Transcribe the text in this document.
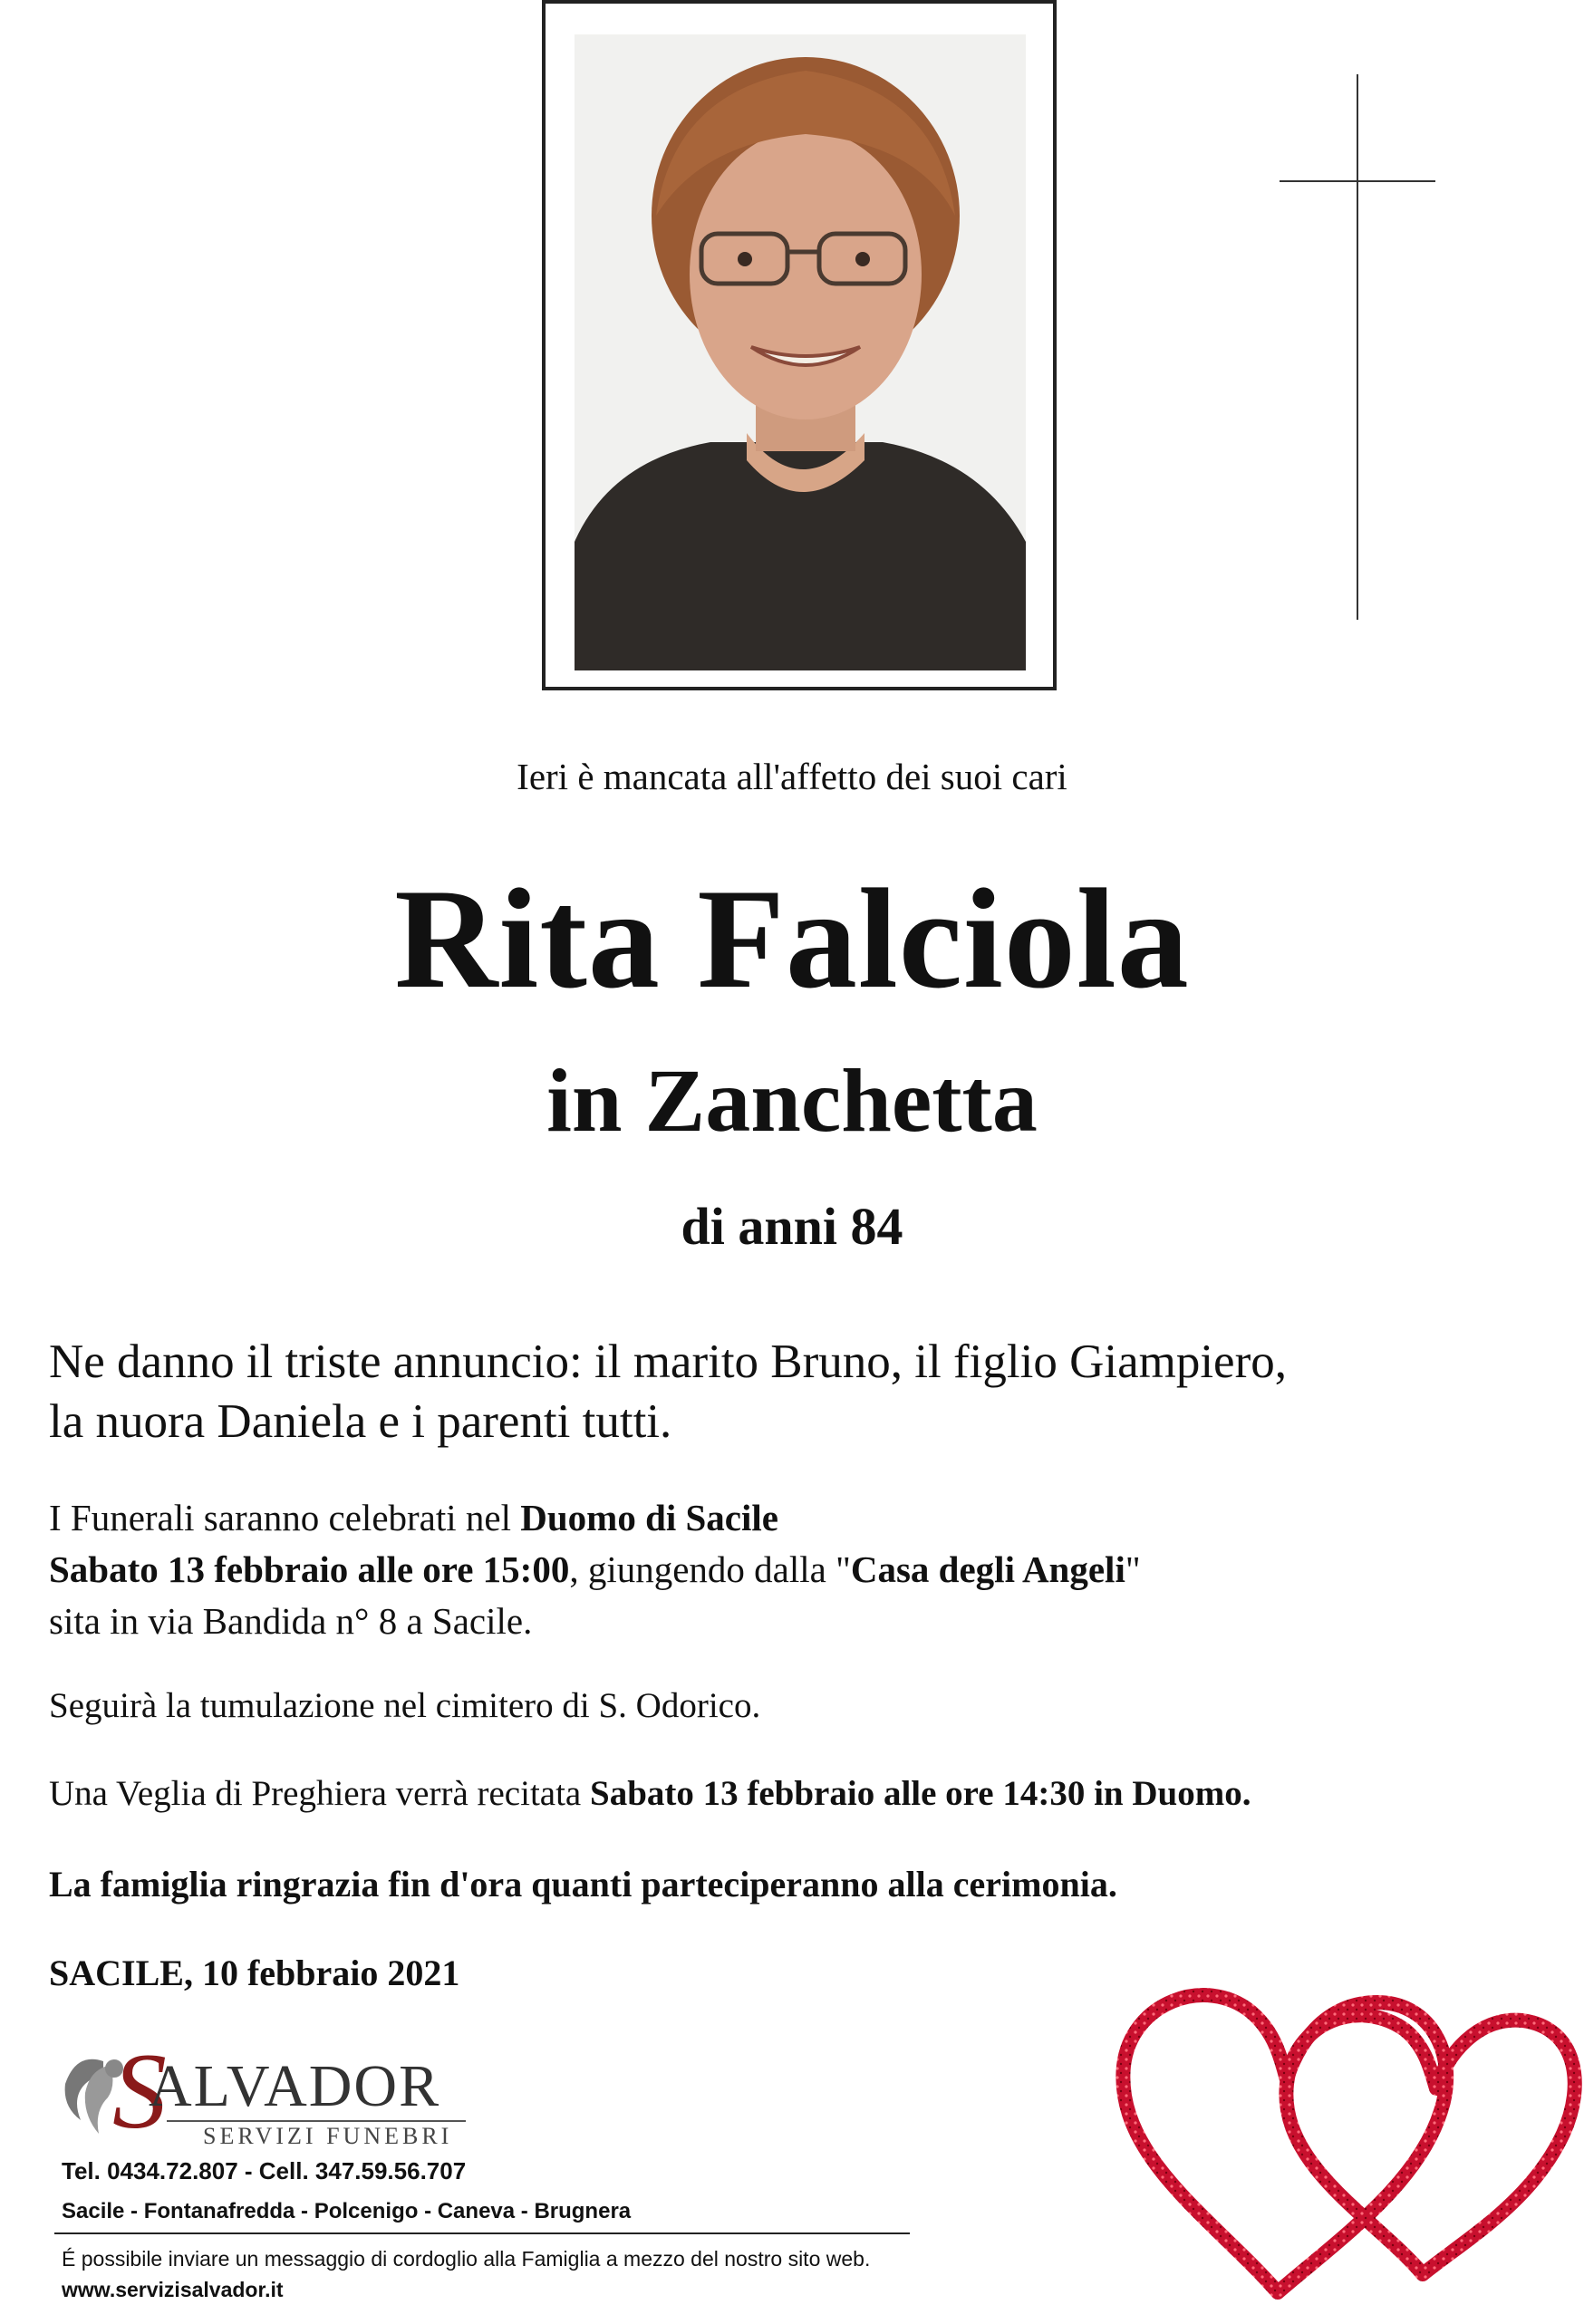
Ieri è mancata all'affetto dei suoi cari
Rita Falciola
in Zanchetta
di anni 84
Ne danno il triste annuncio: il marito Bruno, il figlio Giampiero,
la nuora Daniela e i parenti tutti.
I Funerali saranno celebrati nel Duomo di Sacile
Sabato 13 febbraio alle ore 15:00, giungendo dalla "Casa degli Angeli"
sita in via Bandida n° 8 a Sacile.
Seguirà la tumulazione nel cimitero di S. Odorico.
Una Veglia di Preghiera verrà recitata Sabato 13 febbraio alle ore 14:30 in Duomo.
La famiglia ringrazia fin d'ora quanti parteciperanno alla cerimonia.
SACILE, 10 febbraio 2021
S
ALVADOR
SERVIZI FUNEBRI
Tel. 0434.72.807 - Cell. 347.59.56.707
Sacile - Fontanafredda - Polcenigo - Caneva - Brugnera
É possibile inviare un messaggio di cordoglio alla Famiglia a mezzo del nostro sito web.
www.servizisalvador.it
